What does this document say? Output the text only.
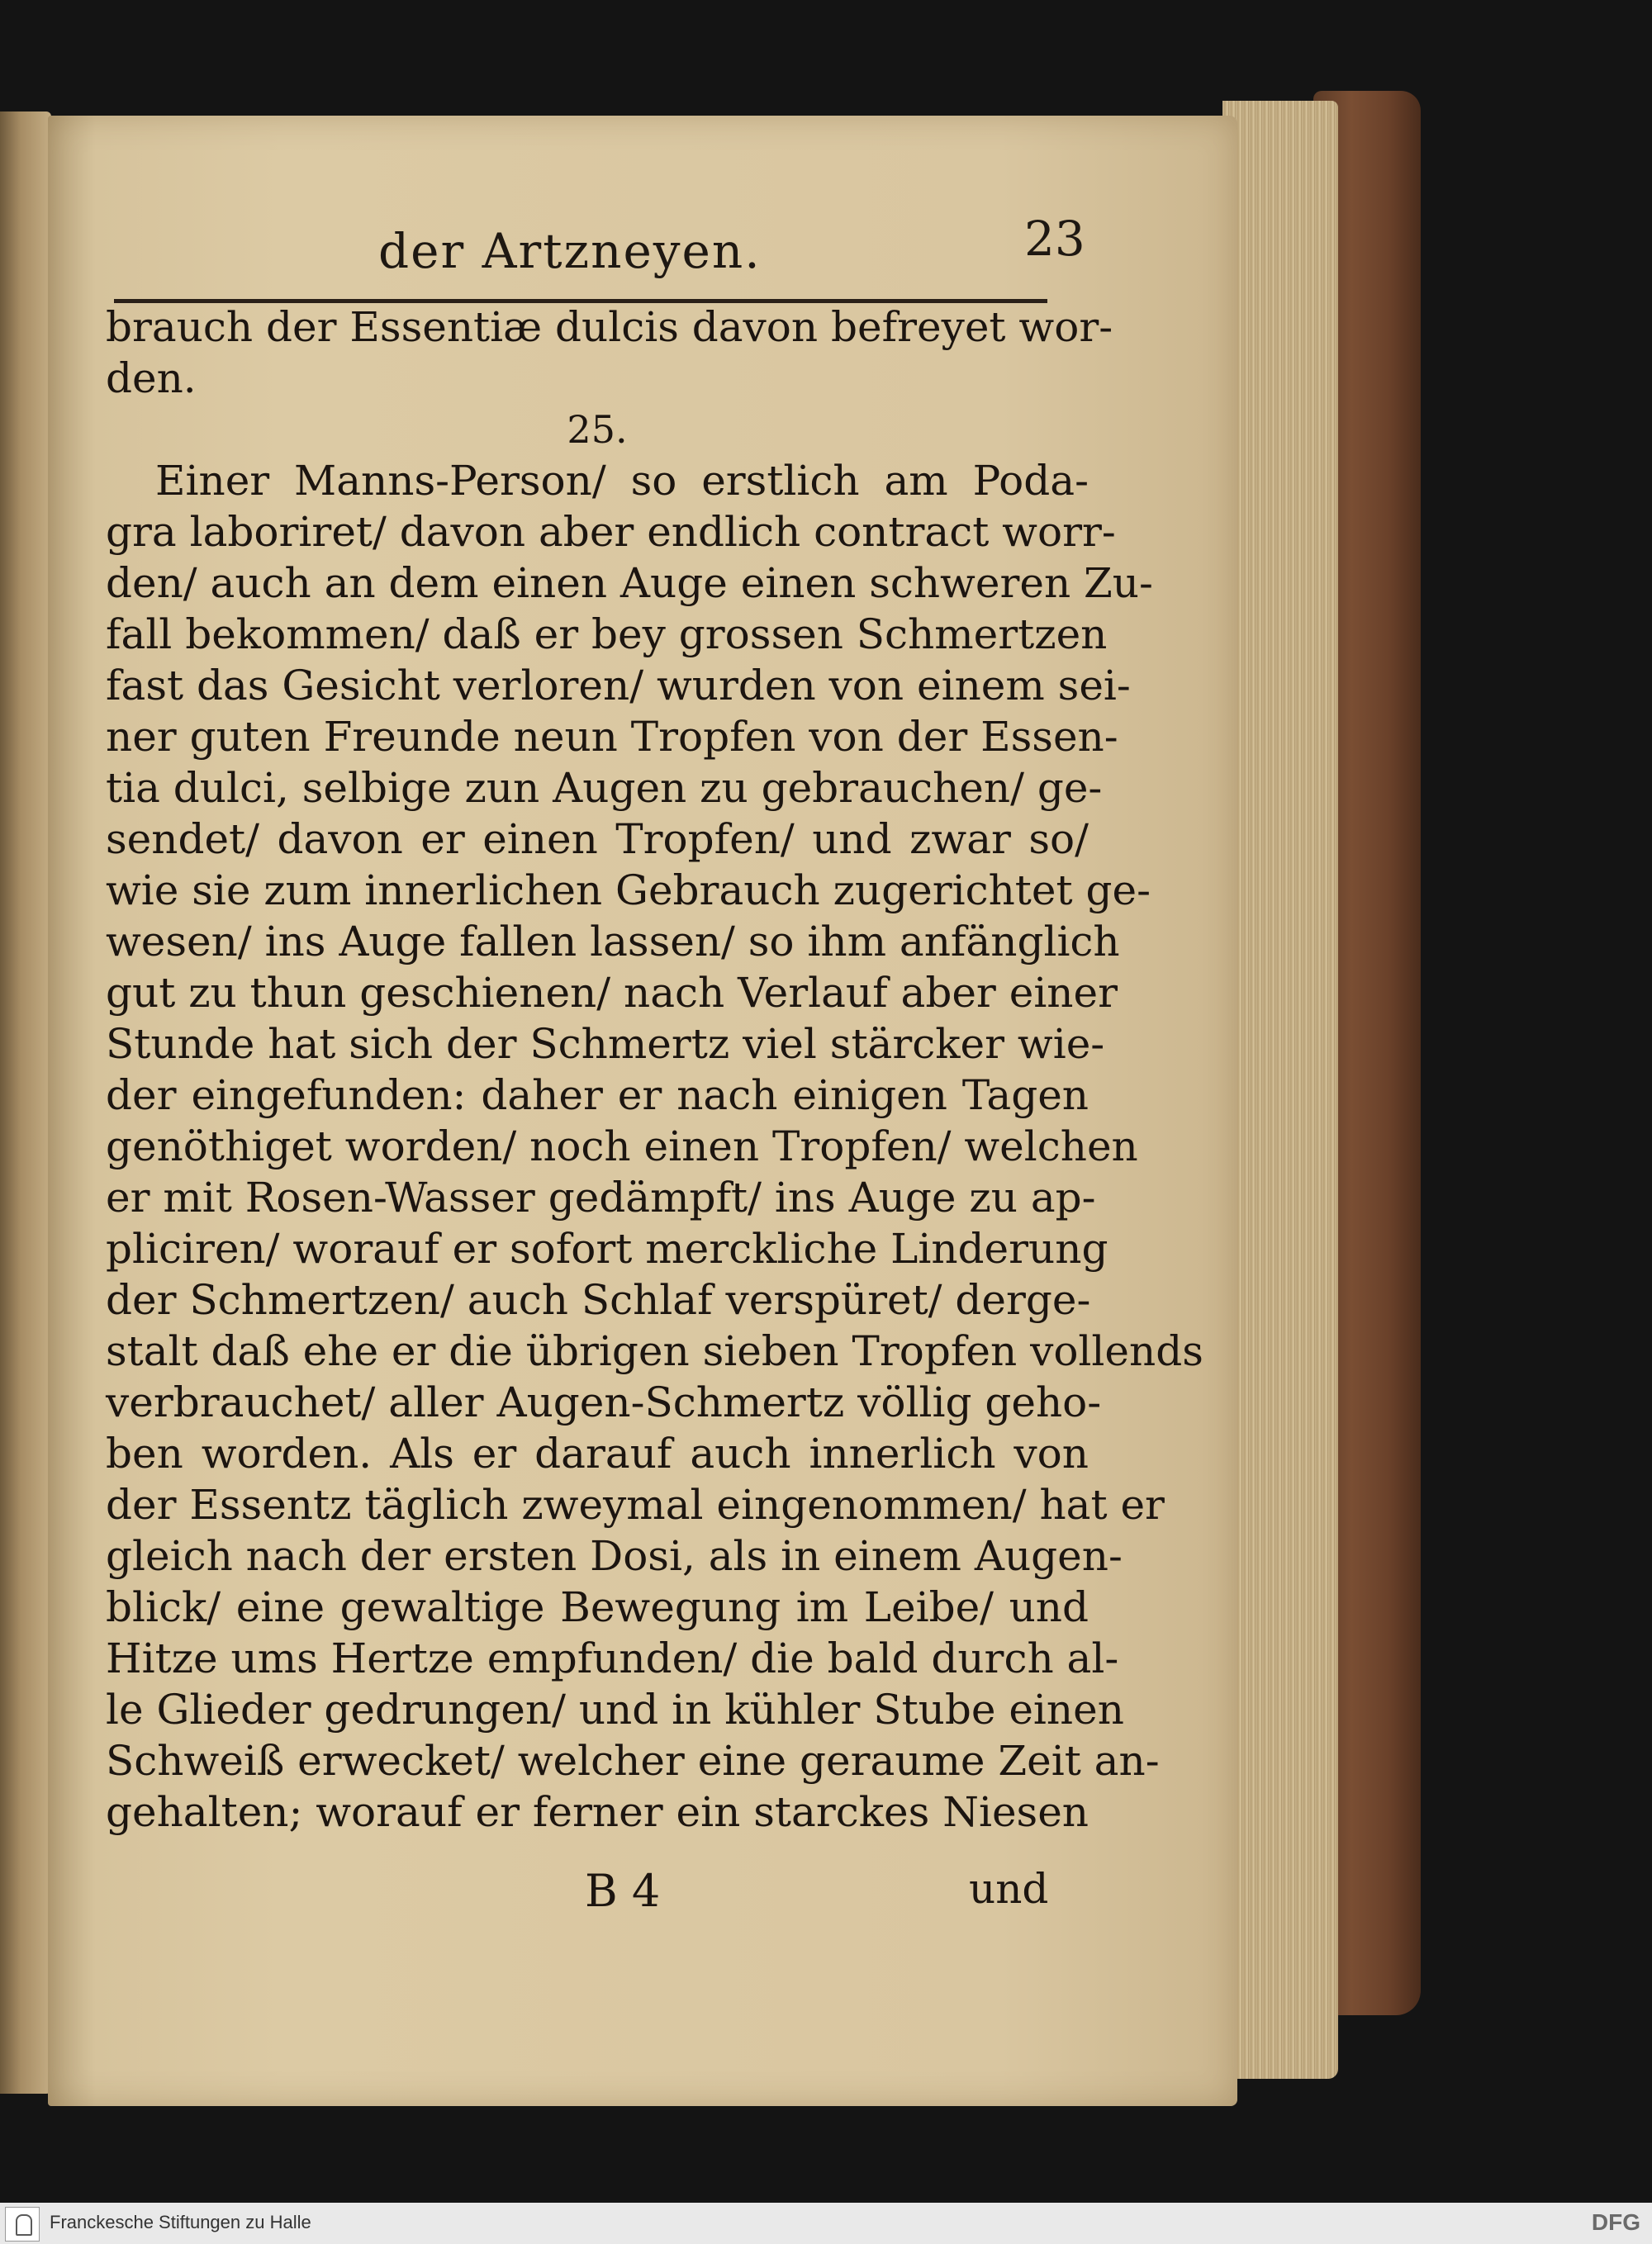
der Artzneyen.	23
brauch der Essentiæ dulcis davon befreyet wor-
den.
25.
Einer Manns-Person/ so erstlich am Poda-
gra laboriret/ davon aber endlich contract worr-
den/ auch an dem einen Auge einen schweren Zu-
fall bekommen/ daß er bey grossen Schmertzen
fast das Gesicht verloren/ wurden von einem sei-
ner guten Freunde neun Tropfen von der Essen-
tia dulci, selbige zun Augen zu gebrauchen/ ge-
sendet/ davon er einen Tropfen/ und zwar so/
wie sie zum innerlichen Gebrauch zugerichtet ge-
wesen/ ins Auge fallen lassen/ so ihm anfänglich
gut zu thun geschienen/ nach Verlauf aber einer
Stunde hat sich der Schmertz viel stärcker wie-
der eingefunden: daher er nach einigen Tagen
genöthiget worden/ noch einen Tropfen/ welchen
er mit Rosen-Wasser gedämpft/ ins Auge zu ap-
pliciren/ worauf er sofort merckliche Linderung
der Schmertzen/ auch Schlaf verspüret/ derge-
stalt daß ehe er die übrigen sieben Tropfen vollends
verbrauchet/ aller Augen-Schmertz völlig geho-
ben worden. Als er darauf auch innerlich von
der Essentz täglich zweymal eingenommen/ hat er
gleich nach der ersten Dosi, als in einem Augen-
blick/ eine gewaltige Bewegung im Leibe/ und
Hitze ums Hertze empfunden/ die bald durch al-
le Glieder gedrungen/ und in kühler Stube einen
Schweiß erwecket/ welcher eine geraume Zeit an-
gehalten; worauf er ferner ein starckes Niesen
B 4	und
Franckesche Stiftungen zu Halle	DFG
